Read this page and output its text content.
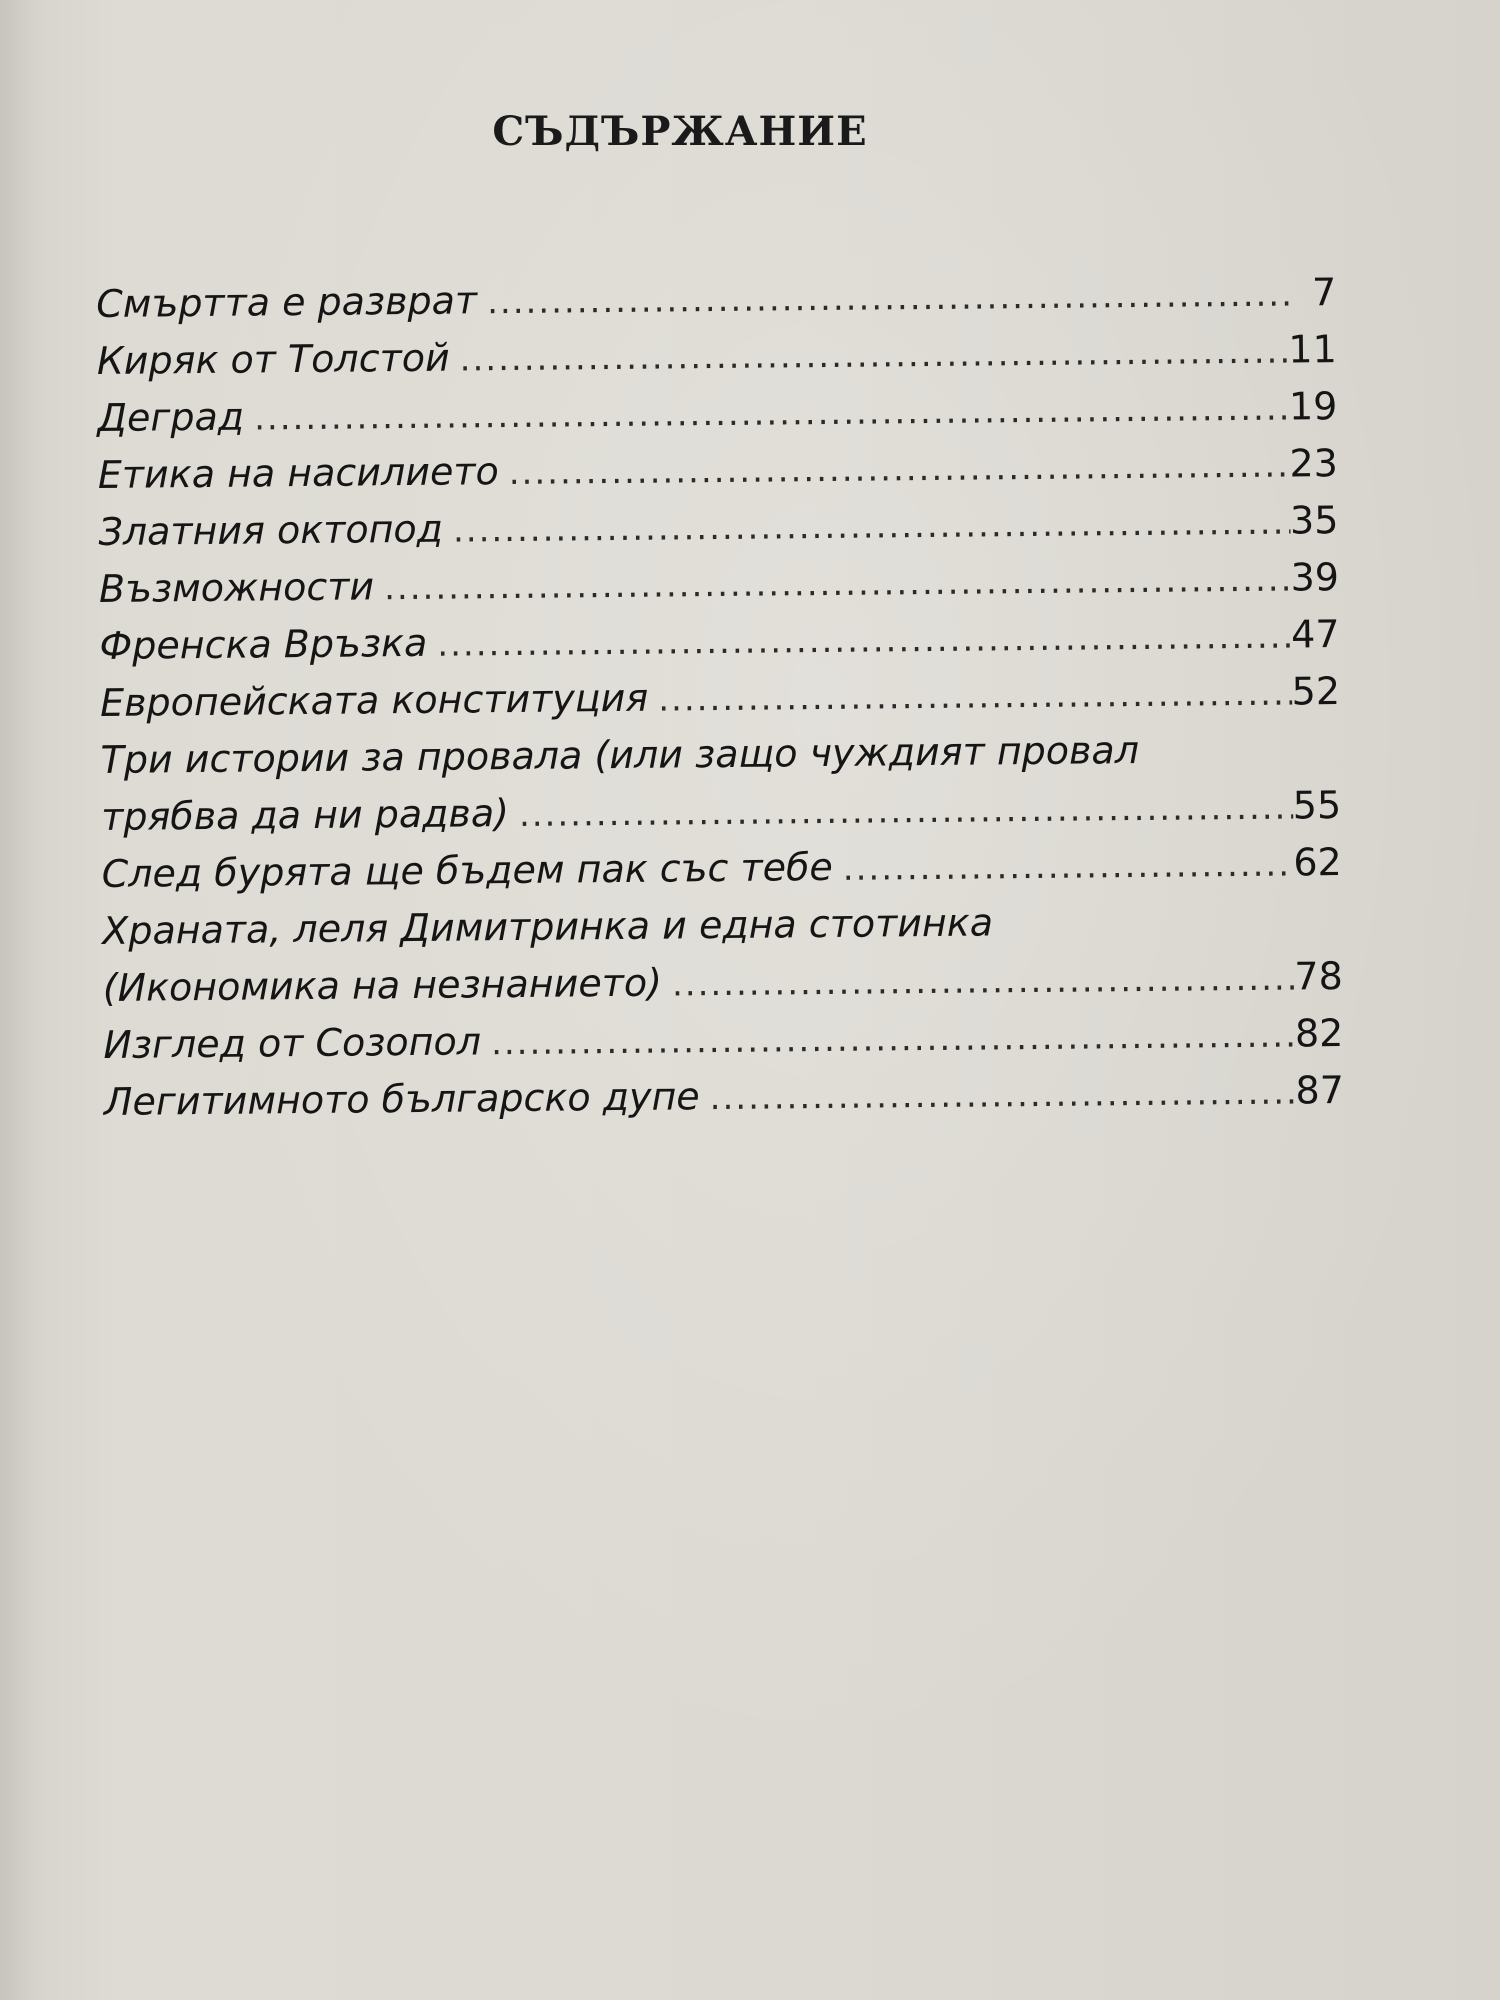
СЪДЪРЖАНИЕ
Смъртта е разврат .....	7
Киряк от Толстой .....	11
Деград .....	19
Етика на насилието .....	23
Златния октопод .....	35
Възможности .....	39
Френска Връзка .....	47
Европейската конституция .....	52
Три истории за провала (или защо чуждият провал
трябва да ни радва) .....	55
След бурята ще бъдем пак със тебе .....	62
Храната, леля Димитринка и една стотинка
(Икономика на незнанието) .....	78
Изглед от Созопол .....	82
Легитимното българско дупе .....	87
